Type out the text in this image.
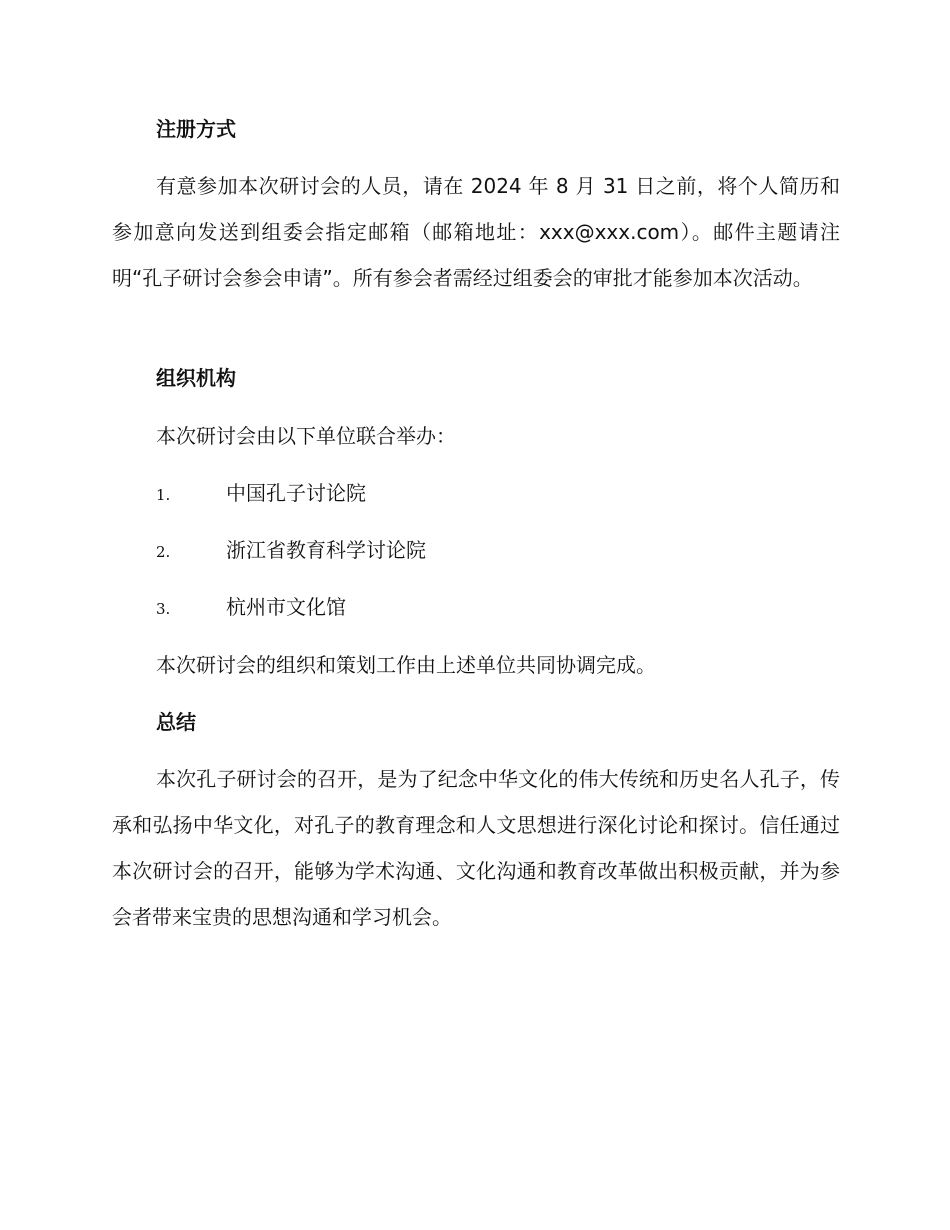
注册方式
有意参加本次研讨会的人员，请在 2024 年 8 月 31 日之前，将个人简历和参加意向发送到组委会指定邮箱（邮箱地址：xxx@xxx.com）。邮件主题请注明“孔子研讨会参会申请”。所有参会者需经过组委会的审批才能参加本次活动。
组织机构
本次研讨会由以下单位联合举办：
1.	中国孔子讨论院
2.	浙江省教育科学讨论院
3.	杭州市文化馆
本次研讨会的组织和策划工作由上述单位共同协调完成。
总结
本次孔子研讨会的召开，是为了纪念中华文化的伟大传统和历史名人孔子，传承和弘扬中华文化，对孔子的教育理念和人文思想进行深化讨论和探讨。信任通过本次研讨会的召开，能够为学术沟通、文化沟通和教育改革做出积极贡献，并为参会者带来宝贵的思想沟通和学习机会。
